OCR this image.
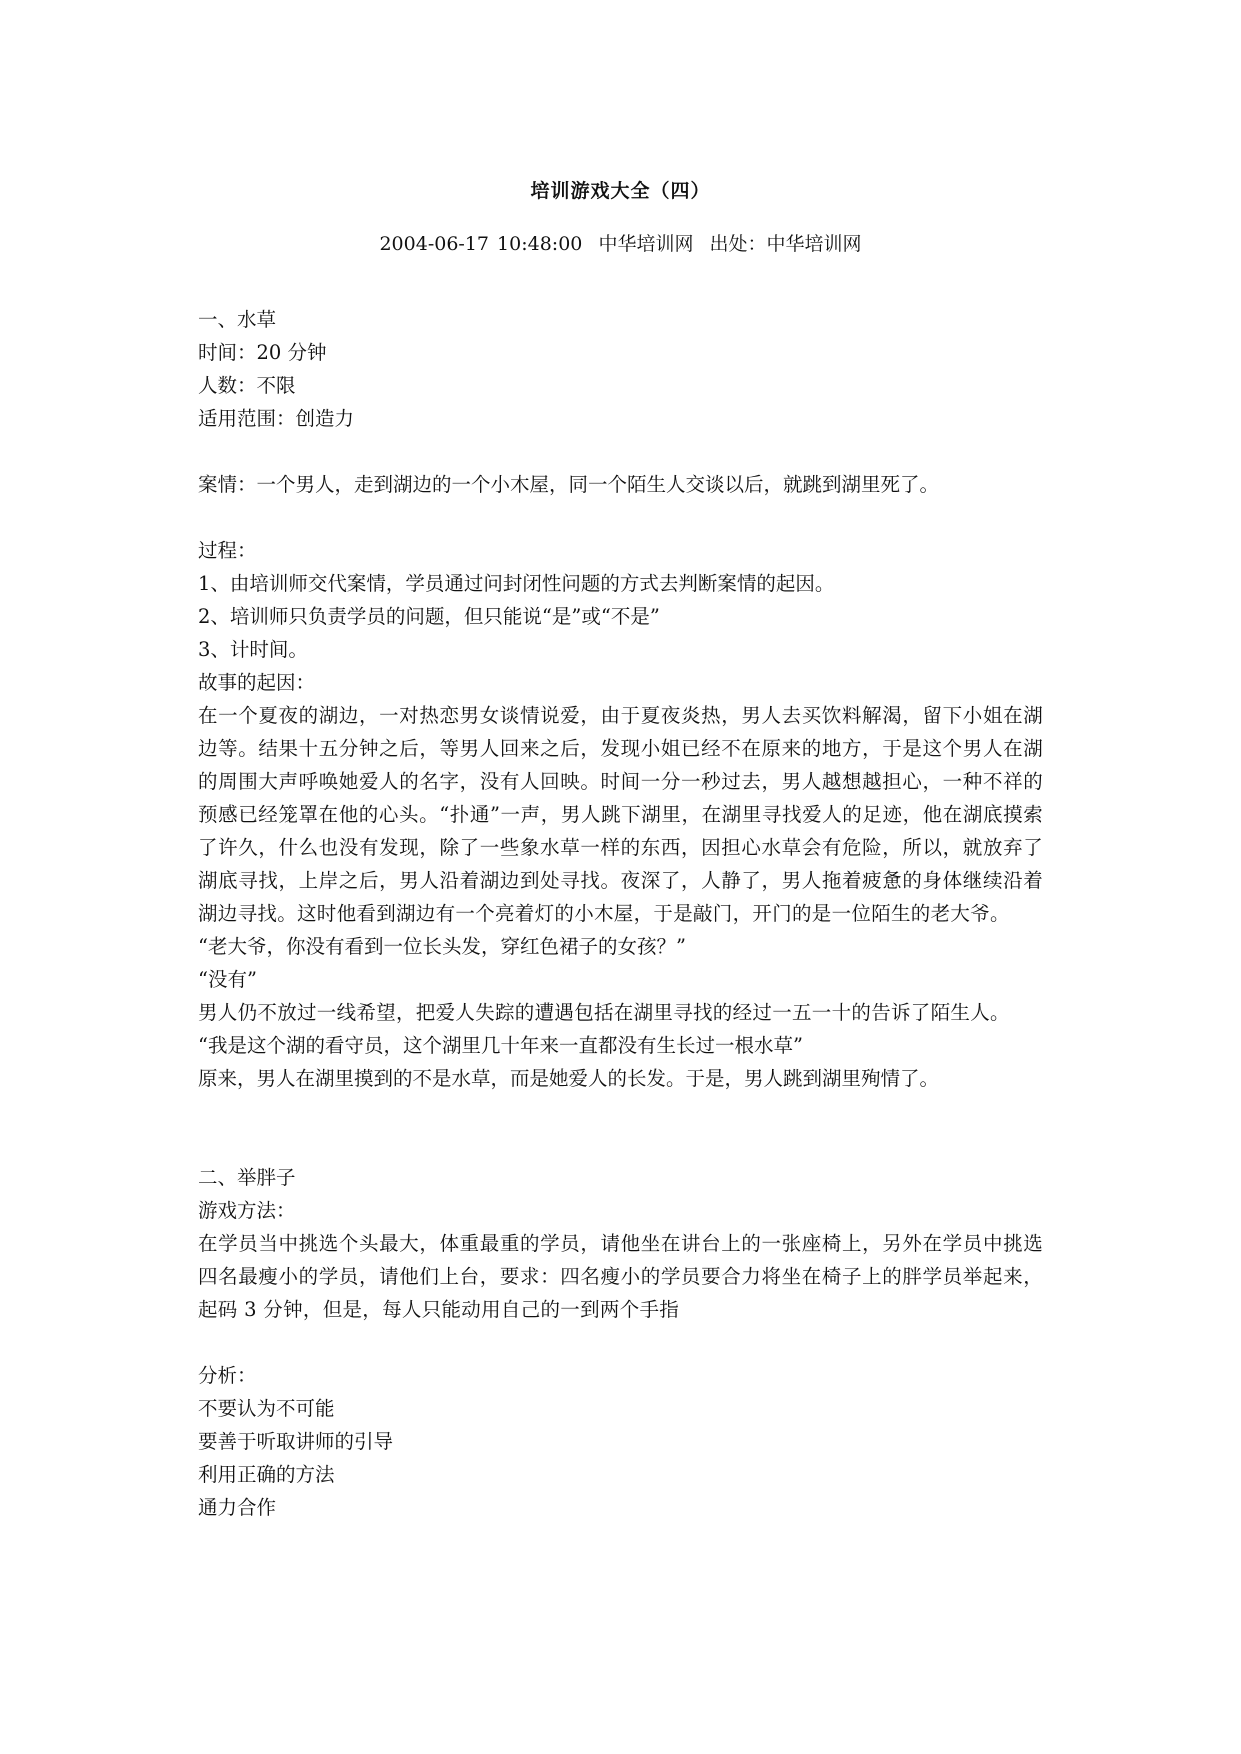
培训游戏大全（四）
2004-06-17 10:48:00 中华培训网 出处：中华培训网

一、水草

时间：20 分钟

人数：不限

适用范围：创造力

案情：一个男人，走到湖边的一个小木屋，同一个陌生人交谈以后，就跳到湖里死了。

过程：

1、由培训师交代案情，学员通过问封闭性问题的方式去判断案情的起因。

2、培训师只负责学员的问题，但只能说“是”或“不是”

3、计时间。

故事的起因：

在一个夏夜的湖边，一对热恋男女谈情说爱，由于夏夜炎热，男人去买饮料解渴，留下小姐在湖边等。结果十五分钟之后，等男人回来之后，发现小姐已经不在原来的地方，于是这个男人在湖的周围大声呼唤她爱人的名字，没有人回映。时间一分一秒过去，男人越想越担心，一种不祥的预感已经笼罩在他的心头。“扑通”一声，男人跳下湖里，在湖里寻找爱人的足迹，他在湖底摸索了许久，什么也没有发现，除了一些象水草一样的东西，因担心水草会有危险，所以，就放弃了湖底寻找，上岸之后，男人沿着湖边到处寻找。夜深了，人静了，男人拖着疲惫的身体继续沿着湖边寻找。这时他看到湖边有一个亮着灯的小木屋，于是敲门，开门的是一位陌生的老大爷。

“老大爷，你没有看到一位长头发，穿红色裙子的女孩？”

“没有”

男人仍不放过一线希望，把爱人失踪的遭遇包括在湖里寻找的经过一五一十的告诉了陌生人。

“我是这个湖的看守员，这个湖里几十年来一直都没有生长过一根水草”

原来，男人在湖里摸到的不是水草，而是她爱人的长发。于是，男人跳到湖里殉情了。

二、举胖子

游戏方法：

在学员当中挑选个头最大，体重最重的学员，请他坐在讲台上的一张座椅上，另外在学员中挑选四名最瘦小的学员，请他们上台，要求：四名瘦小的学员要合力将坐在椅子上的胖学员举起来，起码 3 分钟，但是，每人只能动用自己的一到两个手指

分析：

不要认为不可能

要善于听取讲师的引导

利用正确的方法

通力合作
